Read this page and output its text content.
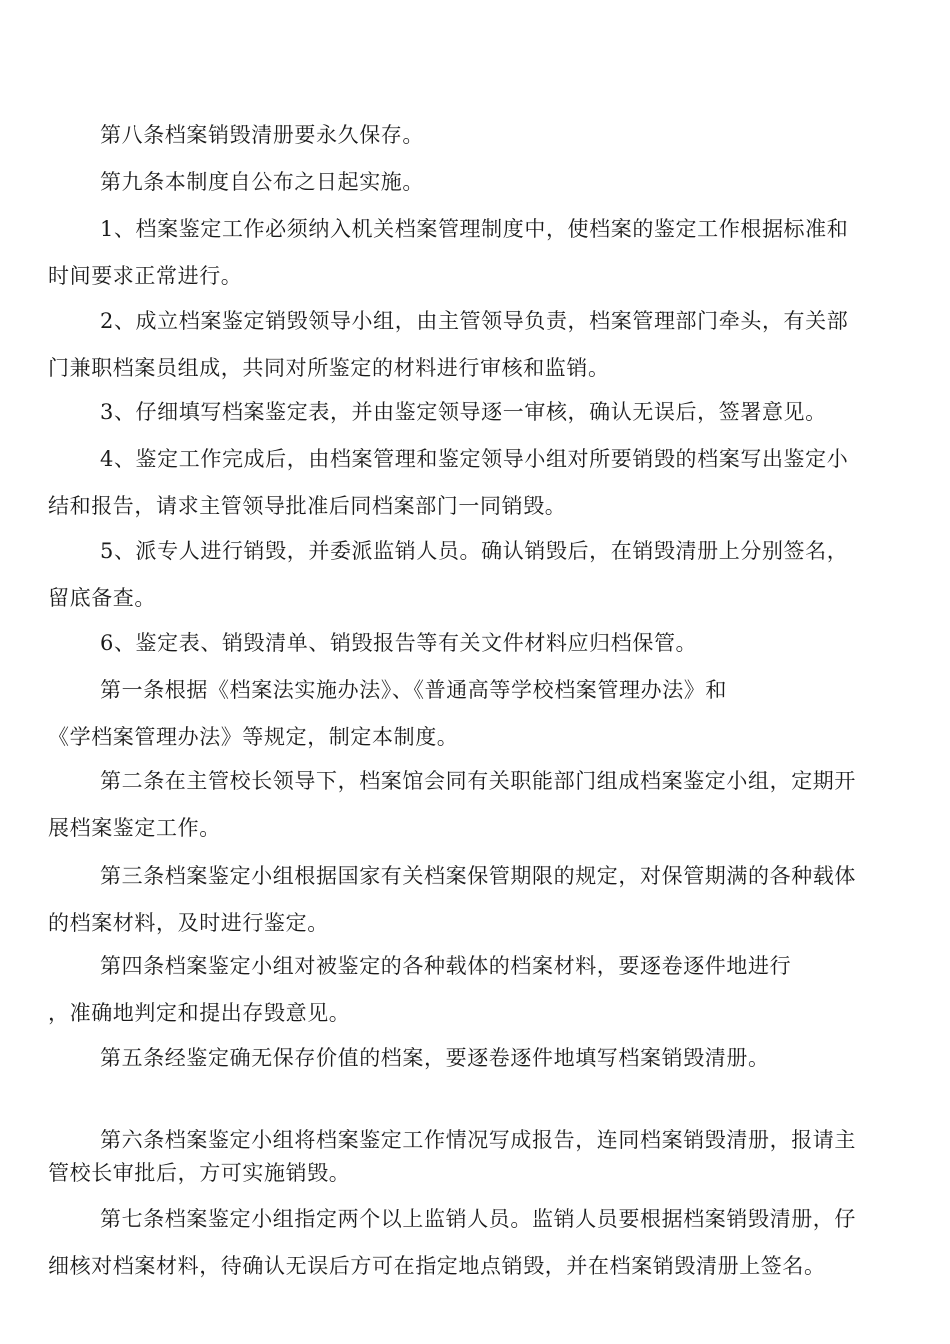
第八条档案销毁清册要永久保存。

第九条本制度自公布之日起实施。

1、档案鉴定工作必须纳入机关档案管理制度中，使档案的鉴定工作根据标准和
时间要求正常进行。

2、成立档案鉴定销毁领导小组，由主管领导负责，档案管理部门牵头，有关部
门兼职档案员组成，共同对所鉴定的材料进行审核和监销。

3、仔细填写档案鉴定表，并由鉴定领导逐一审核，确认无误后，签署意见。

4、鉴定工作完成后，由档案管理和鉴定领导小组对所要销毁的档案写出鉴定小
结和报告，请求主管领导批准后同档案部门一同销毁。

5、派专人进行销毁，并委派监销人员。确认销毁后，在销毁清册上分别签名，
留底备查。

6、鉴定表、销毁清单、销毁报告等有关文件材料应归档保管。

第一条根据《档案法实施办法》、《普通高等学校档案管理办法》和
《学档案管理办法》等规定，制定本制度。

第二条在主管校长领导下，档案馆会同有关职能部门组成档案鉴定小组，定期开
展档案鉴定工作。

第三条档案鉴定小组根据国家有关档案保管期限的规定，对保管期满的各种载体
的档案材料，及时进行鉴定。

第四条档案鉴定小组对被鉴定的各种载体的档案材料，要逐卷逐件地进行
，准确地判定和提出存毁意见。

第五条经鉴定确无保存价值的档案，要逐卷逐件地填写档案销毁清册。

第六条档案鉴定小组将档案鉴定工作情况写成报告，连同档案销毁清册，报请主
管校长审批后，方可实施销毁。

第七条档案鉴定小组指定两个以上监销人员。监销人员要根据档案销毁清册，仔
细核对档案材料，待确认无误后方可在指定地点销毁，并在档案销毁清册上签名。
